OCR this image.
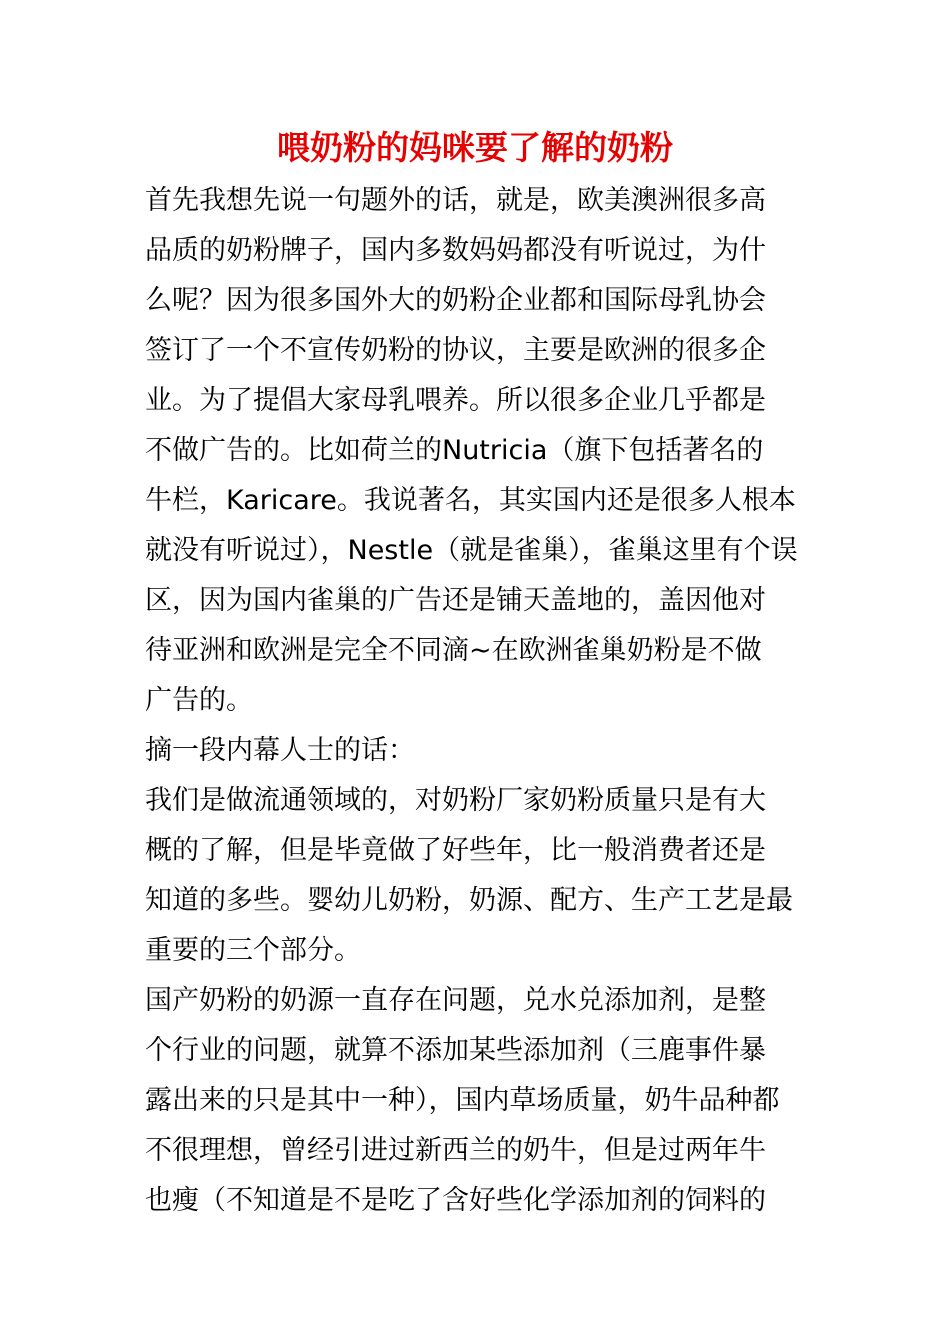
喂奶粉的妈咪要了解的奶粉
首先我想先说一句题外的话，就是，欧美澳洲很多高
品质的奶粉牌子，国内多数妈妈都没有听说过，为什
么呢？因为很多国外大的奶粉企业都和国际母乳协会
签订了一个不宣传奶粉的协议，主要是欧洲的很多企
业。为了提倡大家母乳喂养。所以很多企业几乎都是
不做广告的。比如荷兰的Nutricia（旗下包括著名的
牛栏，Karicare。我说著名，其实国内还是很多人根本
就没有听说过），Nestle（就是雀巢），雀巢这里有个误
区，因为国内雀巢的广告还是铺天盖地的，盖因他对
待亚洲和欧洲是完全不同滴~在欧洲雀巢奶粉是不做
广告的。
摘一段内幕人士的话：
我们是做流通领域的，对奶粉厂家奶粉质量只是有大
概的了解，但是毕竟做了好些年，比一般消费者还是
知道的多些。婴幼儿奶粉，奶源、配方、生产工艺是最
重要的三个部分。
国产奶粉的奶源一直存在问题，兑水兑添加剂，是整
个行业的问题，就算不添加某些添加剂（三鹿事件暴
露出来的只是其中一种），国内草场质量，奶牛品种都
不很理想，曾经引进过新西兰的奶牛，但是过两年牛
也瘦（不知道是不是吃了含好些化学添加剂的饲料的
